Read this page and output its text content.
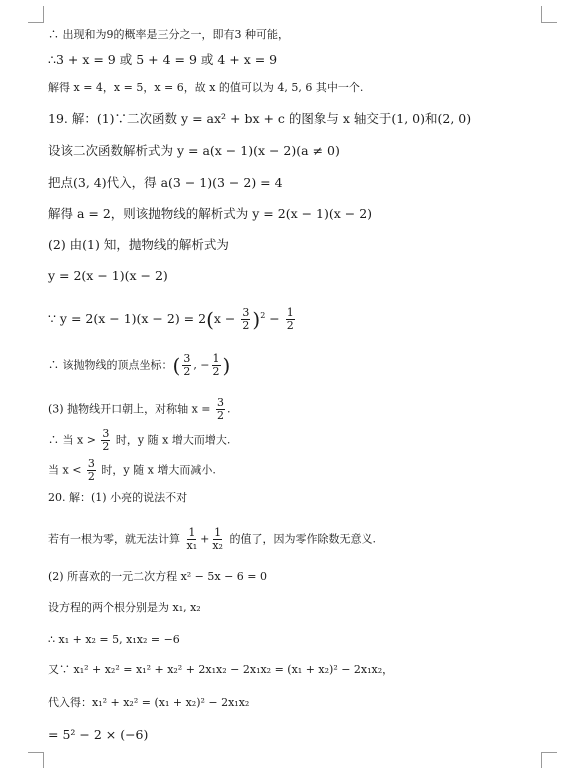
∴ 出现和为9的概率是三分之一，即有3 种可能，
∴3 + x = 9 或 5 + 4 = 9 或 4 + x = 9
解得 x = 4，x = 5，x = 6，故 x 的值可以为 4, 5, 6 其中一个.
19. 解：(1)∵二次函数 y = ax² + bx + c 的图象与 x 轴交于(1, 0)和(2, 0)
设该二次函数解析式为 y = a(x − 1)(x − 2)(a ≠ 0)
把点(3, 4)代入，得 a(3 − 1)(3 − 2) = 4
解得 a = 2，则该抛物线的解析式为 y = 2(x − 1)(x − 2)
(2) 由(1) 知，抛物线的解析式为
y = 2(x − 1)(x − 2)
∵ $y = 2(x - 1)(x - 2) = 2(x - \frac{3}{2} )^2 - \frac{1}{2}$
∴ 该抛物线的顶点坐标：( $\frac{3}{2}$ , − $\frac{1}{2}$ )
(3) 抛物线开口朝上，对称轴 $x = \frac{3}{2}$ .
∴ 当 $x > \frac{3}{2}$ 时，y 随 x 增大而增大.
当 $x < \frac{3}{2}$ 时，y 随 x 增大而减小.
20. 解：(1) 小亮的说法不对
若有一根为零，就无法计算 $\frac{1}{\text{x₁}} + \frac{1}{\text{x₂}}$ 的值了，因为零作除数无意义.
(2) 所喜欢的一元二次方程 x² − 5x − 6 = 0
设方程的两个根分别是为 x₁, x₂
∴ x₁ + x₂ = 5, x₁x₂ = −6
又∵ x₁² + x₂² = x₁² + x₂² + 2x₁x₂ − 2x₁x₂ = (x₁ + x₂)² − 2x₁x₂，
代入得：x₁² + x₂² = (x₁ + x₂)² − 2x₁x₂
= 5² − 2 × (−6)
